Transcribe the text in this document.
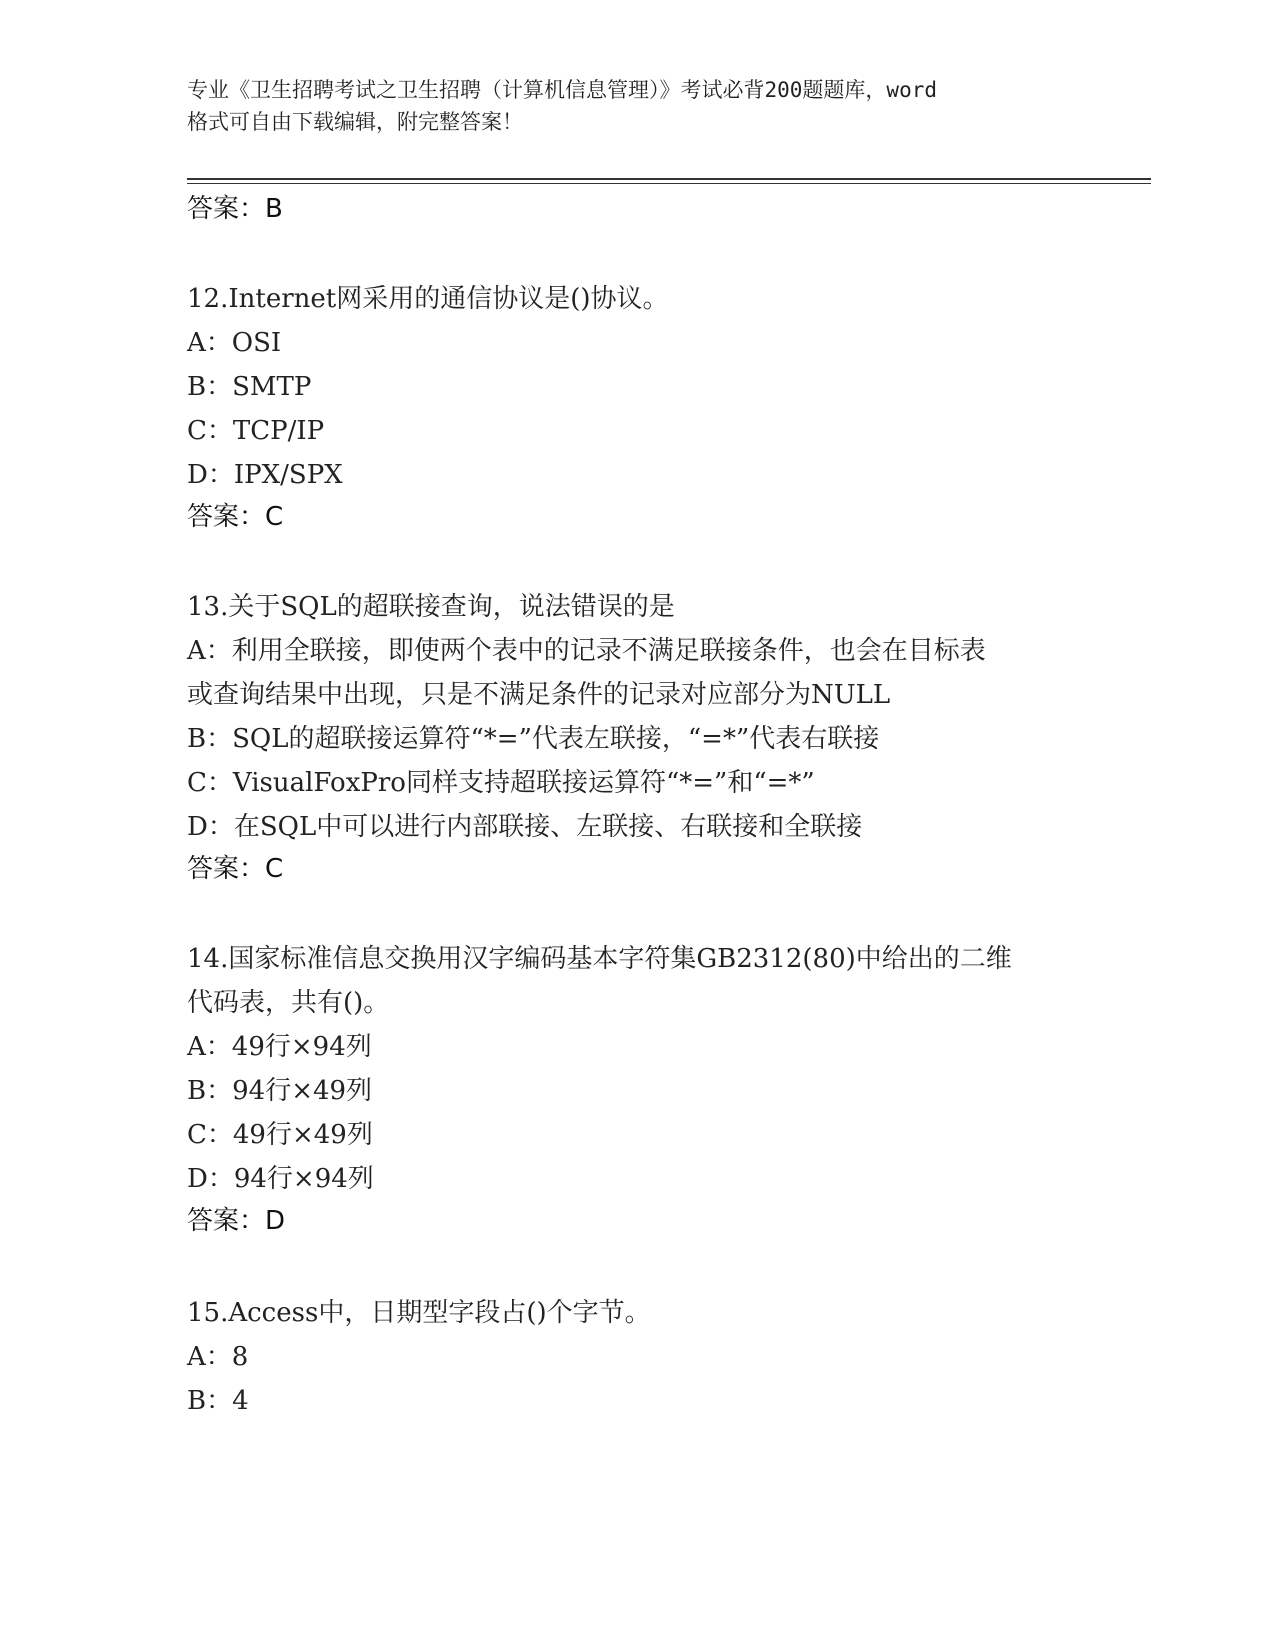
专业《卫生招聘考试之卫生招聘（计算机信息管理）》考试必背200题题库，word
格式可自由下载编辑，附完整答案！
答案：B
12.Internet网采用的通信协议是()协议。
A：OSI
B：SMTP
C：TCP/IP
D：IPX/SPX
答案：C
13.关于SQL的超联接查询，说法错误的是
A：利用全联接，即使两个表中的记录不满足联接条件，也会在目标表
或查询结果中出现，只是不满足条件的记录对应部分为NULL
B：SQL的超联接运算符“*=”代表左联接，“=*”代表右联接
C：VisualFoxPro同样支持超联接运算符“*=”和“=*”
D：在SQL中可以进行内部联接、左联接、右联接和全联接
答案：C
14.国家标准信息交换用汉字编码基本字符集GB2312(80)中给出的二维
代码表，共有()。
A：49行×94列
B：94行×49列
C：49行×49列
D：94行×94列
答案：D
15.Access中，日期型字段占()个字节。
A：8
B：4
